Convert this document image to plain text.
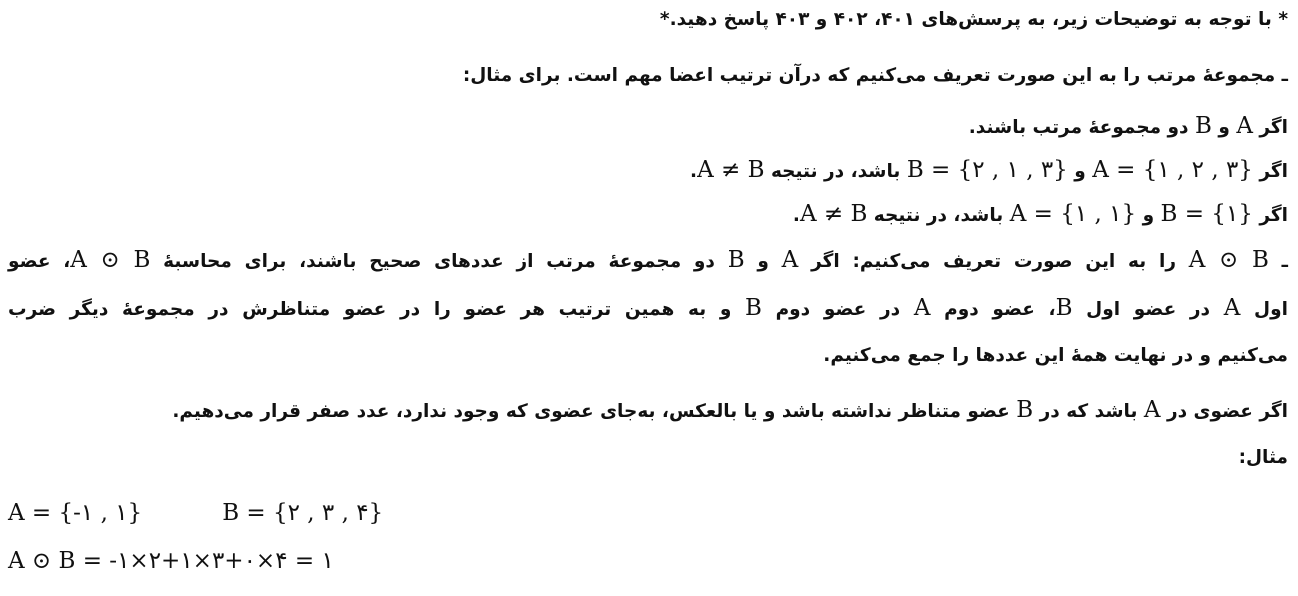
* با توجه به توضیحات زیر، به پرسش‌های ۴۰۱، ۴۰۲ و ۴۰۳ پاسخ دهید.*
ـ مجموعهٔ مرتب را به این صورت تعریف می‌کنیم که درآن ترتیب اعضا مهم است. برای مثال:
اگر A و B دو مجموعهٔ مرتب باشند.
اگر A = {۱ , ۲ , ۳} و B = {۲ , ۱ , ۳} باشد، در نتیجه A ≠ B.
اگر B = {۱} و A = {۱ , ۱} باشد، در نتیجه A ≠ B.
ـ A ⊙ B را به این صورت تعریف می‌کنیم: اگر A و B دو مجموعهٔ مرتب از عددهای صحیح باشند، برای محاسبهٔ A ⊙ B، عضو
اول A در عضو اول B، عضو دوم A در عضو دوم B و به همین ترتیب هر عضو را در عضو متناظرش در مجموعهٔ دیگر ضرب
می‌کنیم و در نهایت همهٔ این عددها را جمع می‌کنیم.
اگر عضوی در A باشد که در B عضو متناظر نداشته باشد و یا بالعکس، به‌جای عضوی که وجود ندارد، عدد صفر قرار می‌دهیم.
مثال:
A = {-۱ , ۱}	B = {۲ , ۳ , ۴}
A ⊙ B = -۱×۲+۱×۳+۰×۴ = ۱
